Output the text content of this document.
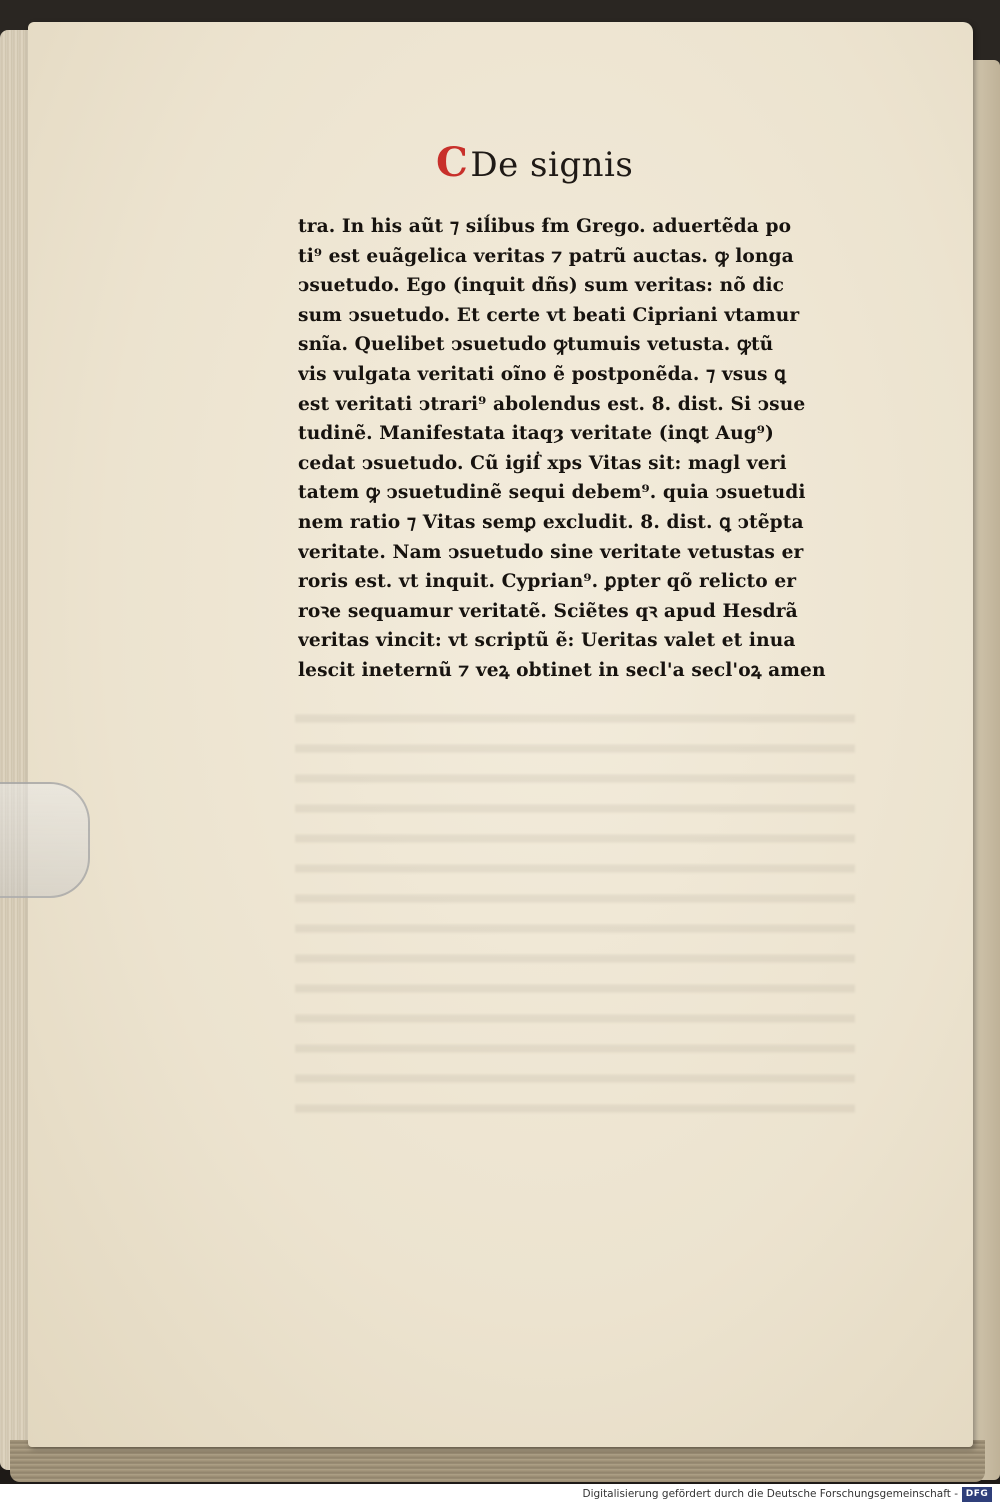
CDe signis
tra. In his aũt ⁊ siĺibus ẜm Grego. aduertẽda po
ti⁹ est euãgelica veritas ⁊ patrũ auctas. ꝙ longa
ↄsuetudo. Ego (inquit dñs) sum veritas: nõ dic
sum ↄsuetudo. Et certe vt beati Cipriani vtamur
snĩa. Quelibet ↄsuetudo ꝙtumuis vetusta. ꝙtũ
vis vulgata veritati oĩno ẽ postponẽda. ⁊ vsus ꝗ
est veritati ↄtrari⁹ abolendus est. 8. dist. Si ↄsue
tudinẽ. Manifestata itaqȝ veritate (inꝗt Aug⁹)
cedat ↄsuetudo. Cũ igiẛ xps Vitas sit: magl veri
tatem ꝙ ↄsuetudinẽ sequi debem⁹. quia ↄsuetudi
nem ratio ⁊ Vitas semꝑ excludit. 8. dist. ꝗ ↄtẽpta
veritate. Nam ↄsuetudo sine veritate vetustas er
roris est. vt inquit. Cyprian⁹. ꝑpter qõ relicto er
roꝛe sequamur veritatẽ. Sciẽtes qꝛ apud Hesdrã
veritas vincit: vt scriptũ ẽ: Ueritas valet et inua
lescit ineternũ ⁊ veꝝ obtinet in secl'a secl'oꝝ amen
Digitalisierung gefördert durch die Deutsche Forschungsgemeinschaft - DFG
